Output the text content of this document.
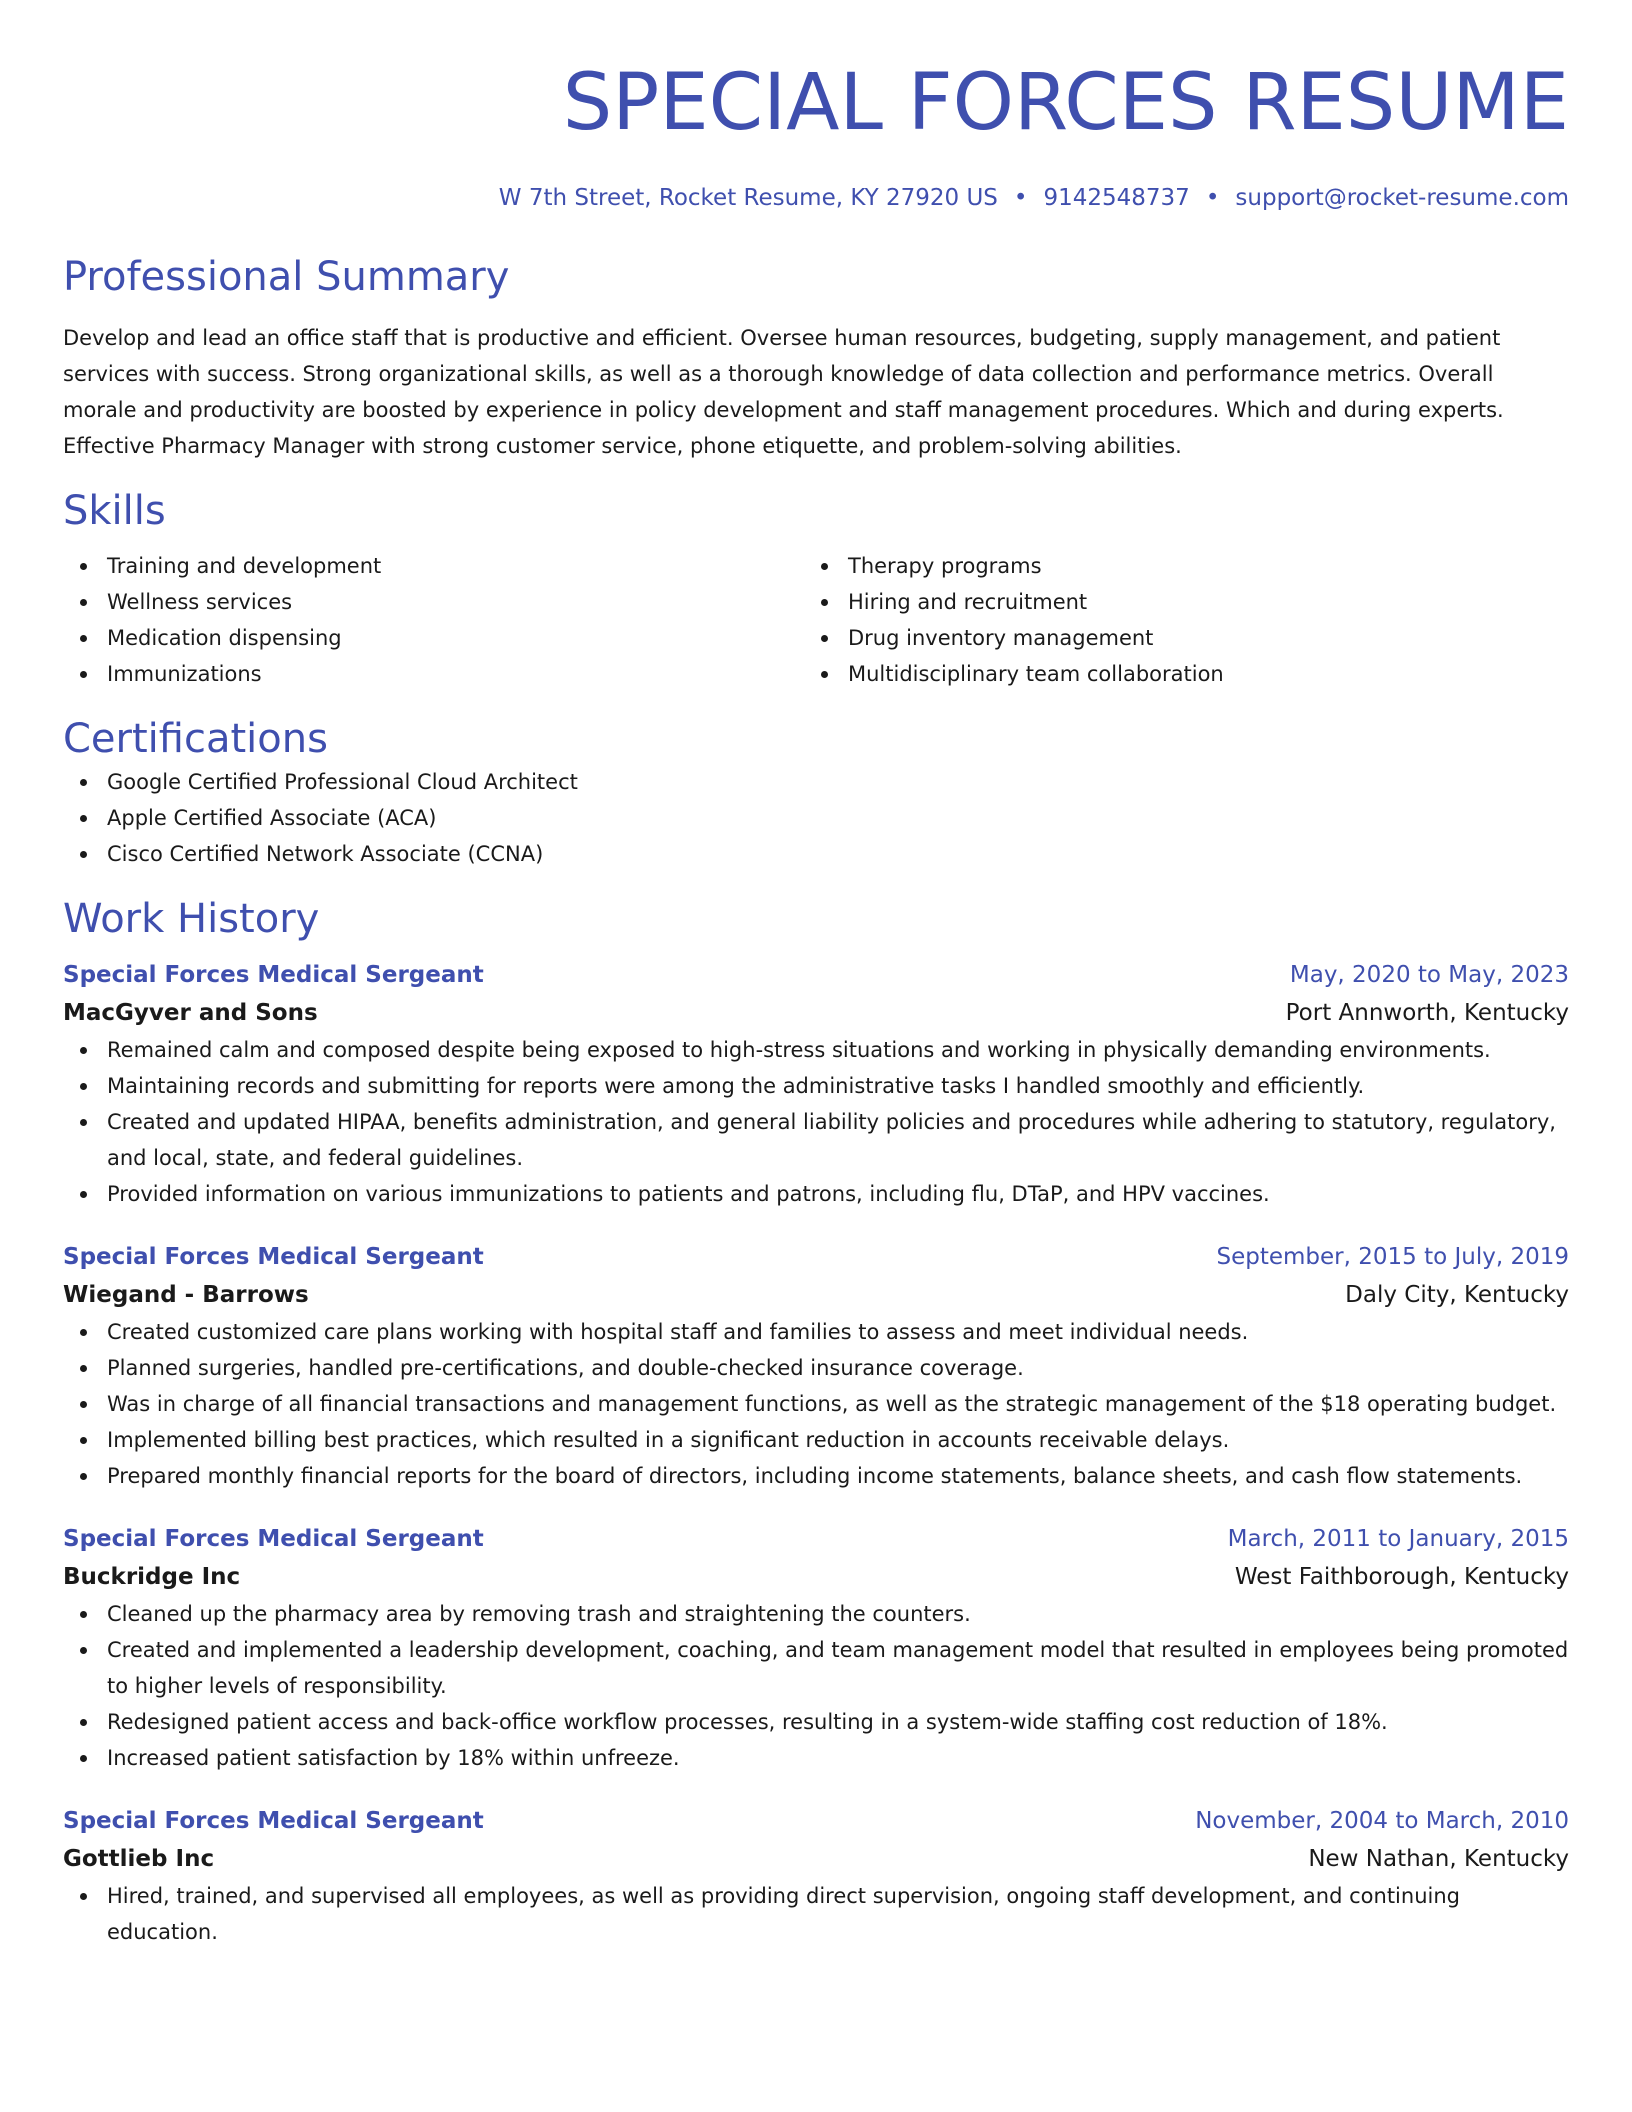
SPECIAL FORCES RESUME
W 7th Street, Rocket Resume, KY 27920 US • 9142548737 • support@rocket-resume.com
Professional Summary
Develop and lead an office staff that is productive and efficient. Oversee human resources, budgeting, supply management, and patient services with success. Strong organizational skills, as well as a thorough knowledge of data collection and performance metrics. Overall morale and productivity are boosted by experience in policy development and staff management procedures. Which and during experts. Effective Pharmacy Manager with strong customer service, phone etiquette, and problem-solving abilities.
Skills
Training and development
Wellness services
Medication dispensing
Immunizations
Therapy programs
Hiring and recruitment
Drug inventory management
Multidisciplinary team collaboration
Certifications
Google Certified Professional Cloud Architect
Apple Certified Associate (ACA)
Cisco Certified Network Associate (CCNA)
Work History
Special Forces Medical Sergeant	May, 2020 to May, 2023
MacGyver and Sons	Port Annworth, Kentucky
Remained calm and composed despite being exposed to high-stress situations and working in physically demanding environments.
Maintaining records and submitting for reports were among the administrative tasks I handled smoothly and efficiently.
Created and updated HIPAA, benefits administration, and general liability policies and procedures while adhering to statutory, regulatory, and local, state, and federal guidelines.
Provided information on various immunizations to patients and patrons, including flu, DTaP, and HPV vaccines.
Special Forces Medical Sergeant	September, 2015 to July, 2019
Wiegand - Barrows	Daly City, Kentucky
Created customized care plans working with hospital staff and families to assess and meet individual needs.
Planned surgeries, handled pre-certifications, and double-checked insurance coverage.
Was in charge of all financial transactions and management functions, as well as the strategic management of the $18 operating budget.
Implemented billing best practices, which resulted in a significant reduction in accounts receivable delays.
Prepared monthly financial reports for the board of directors, including income statements, balance sheets, and cash flow statements.
Special Forces Medical Sergeant	March, 2011 to January, 2015
Buckridge Inc	West Faithborough, Kentucky
Cleaned up the pharmacy area by removing trash and straightening the counters.
Created and implemented a leadership development, coaching, and team management model that resulted in employees being promoted to higher levels of responsibility.
Redesigned patient access and back-office workflow processes, resulting in a system-wide staffing cost reduction of 18%.
Increased patient satisfaction by 18% within unfreeze.
Special Forces Medical Sergeant	November, 2004 to March, 2010
Gottlieb Inc	New Nathan, Kentucky
Hired, trained, and supervised all employees, as well as providing direct supervision, ongoing staff development, and continuing education.
